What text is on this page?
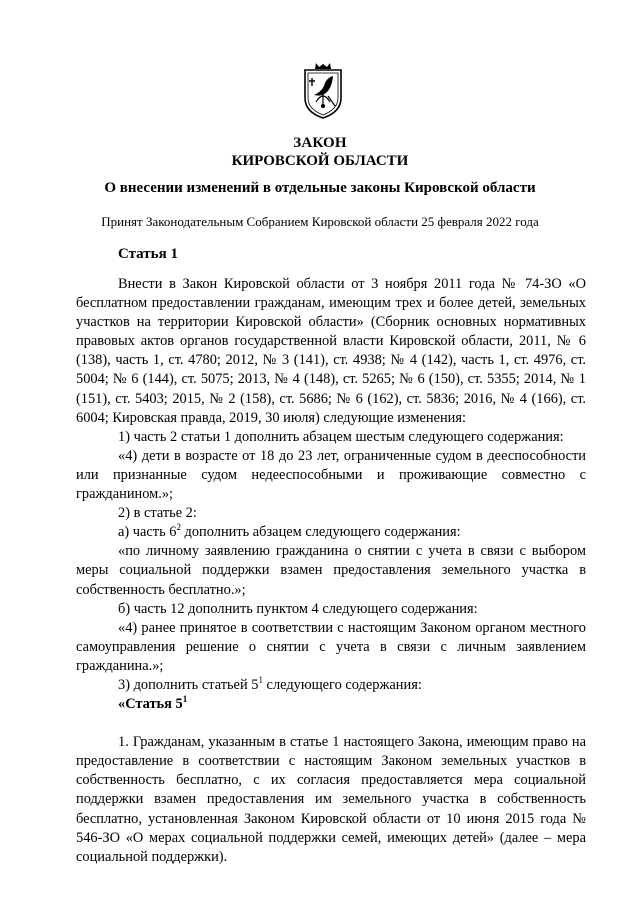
ЗАКОН
КИРОВСКОЙ ОБЛАСТИ
О внесении изменений в отдельные законы Кировской области
Принят Законодательным Собранием Кировской области 25 февраля 2022 года
Статья 1

Внести в Закон Кировской области от 3 ноября 2011 года № 74-ЗО «О бесплатном предоставлении гражданам, имеющим трех и более детей, земельных участков на территории Кировской области» (Сборник основных нормативных правовых актов органов государственной власти Кировской области, 2011, № 6 (138), часть 1, ст. 4780; 2012, № 3 (141), ст. 4938; № 4 (142), часть 1, ст. 4976, ст. 5004; № 6 (144), ст. 5075; 2013, № 4 (148), ст. 5265; № 6 (150), ст. 5355; 2014, № 1 (151), ст. 5403; 2015, № 2 (158), ст. 5686; № 6 (162), ст. 5836; 2016, № 4 (166), ст. 6004; Кировская правда, 2019, 30 июля) следующие изменения:

1) часть 2 статьи 1 дополнить абзацем шестым следующего содержания:

«4) дети в возрасте от 18 до 23 лет, ограниченные судом в дееспособности или признанные судом недееспособными и проживающие совместно с гражданином.»;

2) в статье 2:

а) часть $6^2$ дополнить абзацем следующего содержания:

«по личному заявлению гражданина о снятии с учета в связи с выбором меры социальной поддержки взамен предоставления земельного участка в собственность бесплатно.»;

б) часть 12 дополнить пунктом 4 следующего содержания:

«4) ранее принятое в соответствии с настоящим Законом органом местного самоуправления решение о снятии с учета в связи с личным заявлением гражданина.»;

3) дополнить статьей $5^1$ следующего содержания:

«Статья $5^1$

1. Гражданам, указанным в статье 1 настоящего Закона, имеющим право на предоставление в соответствии с настоящим Законом земельных участков в собственность бесплатно, с их согласия предоставляется мера социальной поддержки взамен предоставления им земельного участка в собственность бесплатно, установленная Законом Кировской области от 10 июня 2015 года № 546-ЗО «О мерах социальной поддержки семей, имеющих детей» (далее – мера социальной поддержки).
